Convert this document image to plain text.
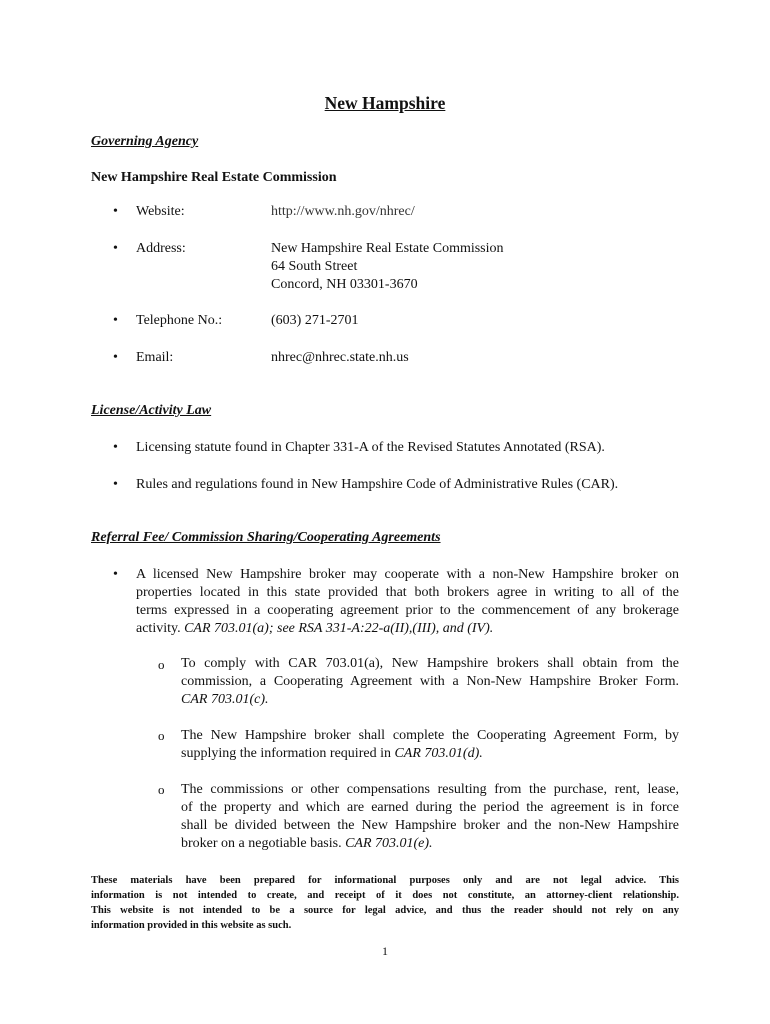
New Hampshire
Governing Agency
New Hampshire Real Estate Commission
• Website:	http://www.nh.gov/nhrec/
• Address:	New Hampshire Real Estate Commission
64 South Street
Concord, NH 03301-3670
• Telephone No.:	(603) 271-2701
• Email:	nhrec@nhrec.state.nh.us
License/Activity Law
• Licensing statute found in Chapter 331-A of the Revised Statutes Annotated (RSA).
• Rules and regulations found in New Hampshire Code of Administrative Rules (CAR).
Referral Fee/ Commission Sharing/Cooperating Agreements
• A licensed New Hampshire broker may cooperate with a non-New Hampshire broker on
properties located in this state provided that both brokers agree in writing to all of the
terms expressed in a cooperating agreement prior to the commencement of any brokerage
activity. CAR 703.01(a); see RSA 331-A:22-a(II),(III), and (IV).
o To comply with CAR 703.01(a), New Hampshire brokers shall obtain from the
commission, a Cooperating Agreement with a Non-New Hampshire Broker Form.
CAR 703.01(c).
o The New Hampshire broker shall complete the Cooperating Agreement Form, by
supplying the information required in CAR 703.01(d).
o The commissions or other compensations resulting from the purchase, rent, lease,
of the property and which are earned during the period the agreement is in force
shall be divided between the New Hampshire broker and the non-New Hampshire
broker on a negotiable basis. CAR 703.01(e).
These materials have been prepared for informational purposes only and are not legal advice. This
information is not intended to create, and receipt of it does not constitute, an attorney-client relationship.
This website is not intended to be a source for legal advice, and thus the reader should not rely on any
information provided in this website as such.
1
